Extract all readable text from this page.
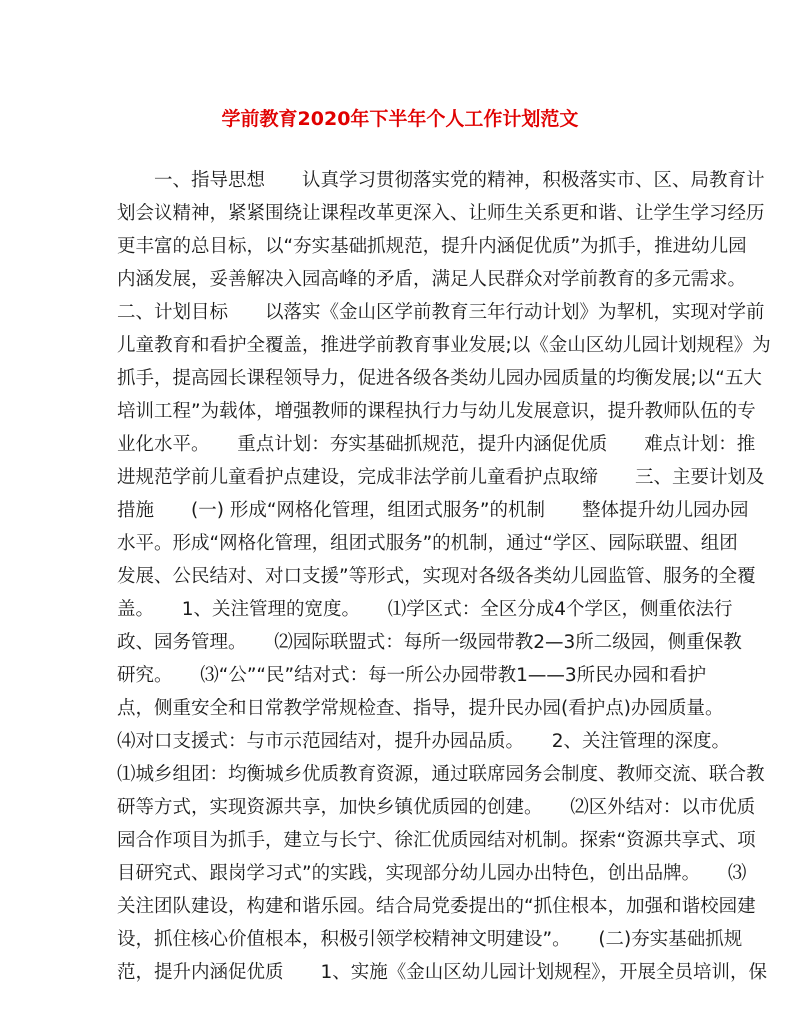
学前教育2020年下半年个人工作计划范文
　　一、指导思想　　认真学习贯彻落实党的精神，积极落实市、区、局教育计
划会议精神，紧紧围绕让课程改革更深入、让师生关系更和谐、让学生学习经历
更丰富的总目标，以“夯实基础抓规范，提升内涵促优质”为抓手，推进幼儿园
内涵发展，妥善解决入园高峰的矛盾，满足人民群众对学前教育的多元需求。
二、计划目标　　以落实《金山区学前教育三年行动计划》为挈机，实现对学前
儿童教育和看护全覆盖，推进学前教育事业发展;以《金山区幼儿园计划规程》为
抓手，提高园长课程领导力，促进各级各类幼儿园办园质量的均衡发展;以“五大
培训工程”为载体，增强教师的课程执行力与幼儿发展意识，提升教师队伍的专
业化水平。　　重点计划：夯实基础抓规范，提升内涵促优质　　难点计划：推
进规范学前儿童看护点建设，完成非法学前儿童看护点取缔　　三、主要计划及
措施　　(一) 形成“网格化管理，组团式服务”的机制　　整体提升幼儿园办园
水平。形成“网格化管理，组团式服务”的机制，通过“学区、园际联盟、组团
发展、公民结对、对口支援”等形式，实现对各级各类幼儿园监管、服务的全覆
盖。　　1、关注管理的宽度。　　⑴学区式：全区分成4个学区，侧重依法行
政、园务管理。　　⑵园际联盟式：每所一级园带教2—3所二级园，侧重保教
研究。　　⑶“公”“民”结对式：每一所公办园带教1——3所民办园和看护
点，侧重安全和日常教学常规检查、指导，提升民办园(看护点)办园质量。
⑷对口支援式：与市示范园结对，提升办园品质。　　2、关注管理的深度。
⑴城乡组团：均衡城乡优质教育资源，通过联席园务会制度、教师交流、联合教
研等方式，实现资源共享，加快乡镇优质园的创建。　　⑵区外结对：以市优质
园合作项目为抓手，建立与长宁、徐汇优质园结对机制。探索“资源共享式、项
目研究式、跟岗学习式”的实践，实现部分幼儿园办出特色，创出品牌。　　⑶
关注团队建设，构建和谐乐园。结合局党委提出的“抓住根本，加强和谐校园建
设，抓住核心价值根本，积极引领学校精神文明建设”。　　(二)夯实基础抓规
范，提升内涵促优质　　1、实施《金山区幼儿园计划规程》，开展全员培训，保
